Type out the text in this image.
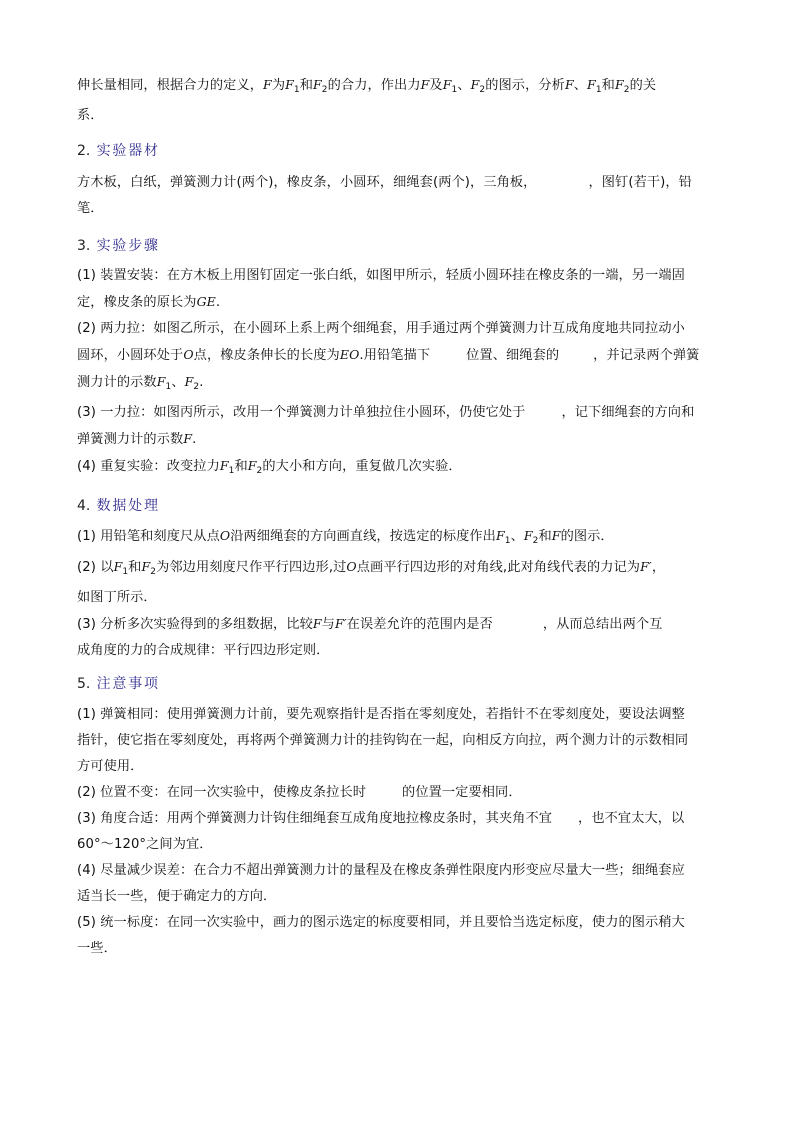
伸长量相同，根据合力的定义，F为$F_1$和$F_2$的合力，作出力F及$F_1$、$F_2$的图示，分析F、$F_1$和$F_2$的关
系．
2. 实验器材
方木板，白纸，弹簧测力计(两个)，橡皮条，小圆环，细绳套(两个)，三角板，	，图钉(若干)，铅
笔．
3. 实验步骤
(1) 装置安装：在方木板上用图钉固定一张白纸，如图甲所示，轻质小圆环挂在橡皮条的一端，另一端固
定，橡皮条的原长为GE.
(2) 两力拉：如图乙所示，在小圆环上系上两个细绳套，用手通过两个弹簧测力计互成角度地共同拉动小
圆环，小圆环处于O点，橡皮条伸长的长度为EO.用铅笔描下	位置、细绳套的	，并记录两个弹簧
测力计的示数$F_1$、$F_2$.
(3) 一力拉：如图丙所示，改用一个弹簧测力计单独拉住小圆环，仍使它处于	，记下细绳套的方向和
弹簧测力计的示数F.
(4) 重复实验：改变拉力$F_1$和$F_2$的大小和方向，重复做几次实验．
4. 数据处理
(1) 用铅笔和刻度尺从点O沿两细绳套的方向画直线，按选定的标度作出$F_1$、$F_2$和F的图示．
(2) 以$F_1$和$F_2$为邻边用刻度尺作平行四边形,过O点画平行四边形的对角线,此对角线代表的力记为F′，
如图丁所示．
(3) 分析多次实验得到的多组数据，比较F与F′在误差允许的范围内是否	，从而总结出两个互
成角度的力的合成规律：平行四边形定则．
5. 注意事项
(1) 弹簧相同：使用弹簧测力计前，要先观察指针是否指在零刻度处，若指针不在零刻度处，要设法调整
指针，使它指在零刻度处，再将两个弹簧测力计的挂钩钩在一起，向相反方向拉，两个测力计的示数相同
方可使用．
(2) 位置不变：在同一次实验中，使橡皮条拉长时	的位置一定要相同．
(3) 角度合适：用两个弹簧测力计钩住细绳套互成角度地拉橡皮条时，其夹角不宜 ，也不宜太大，以
60°～120°之间为宜．
(4) 尽量减少误差：在合力不超出弹簧测力计的量程及在橡皮条弹性限度内形变应尽量大一些；细绳套应
适当长一些，便于确定力的方向．
(5) 统一标度：在同一次实验中，画力的图示选定的标度要相同，并且要恰当选定标度，使力的图示稍大
一些．
